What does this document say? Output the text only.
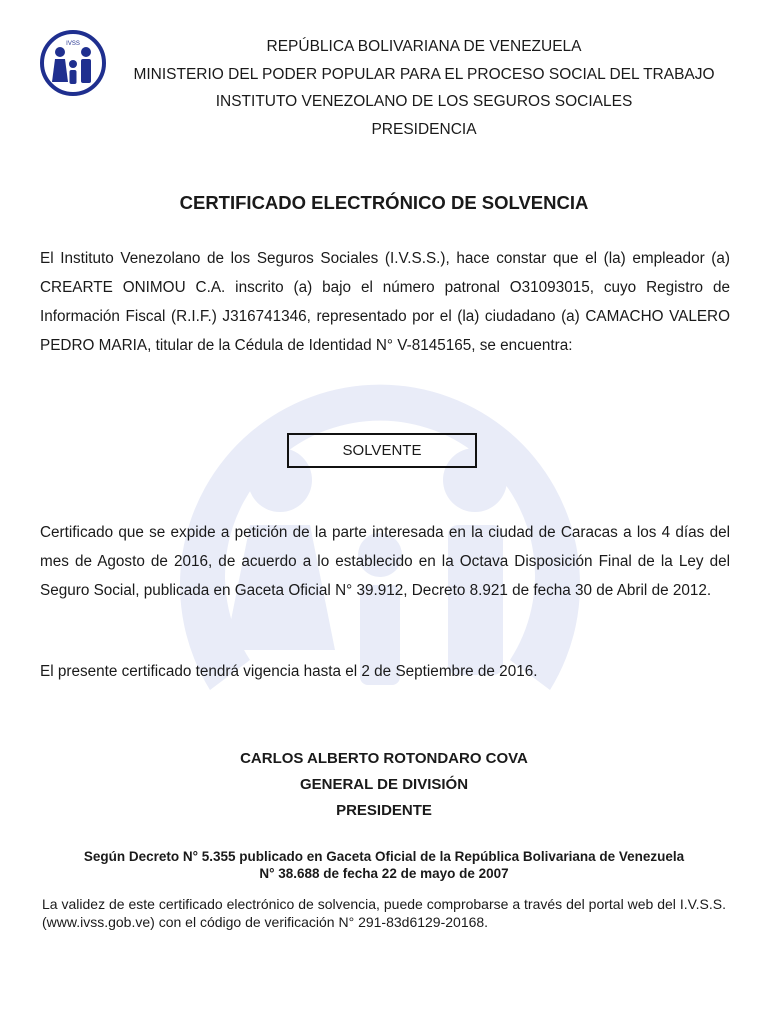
IVSS	REPÚBLICA BOLIVARIANA DE VENEZUELA
MINISTERIO DEL PODER POPULAR PARA EL PROCESO SOCIAL DEL TRABAJO
INSTITUTO VENEZOLANO DE LOS SEGUROS SOCIALES
PRESIDENCIA
CERTIFICADO ELECTRÓNICO DE SOLVENCIA

El Instituto Venezolano de los Seguros Sociales (I.V.S.S.), hace constar que el (la) empleador (a) CREARTE ONIMOU C.A. inscrito (a) bajo el número patronal O31093015, cuyo Registro de Información Fiscal (R.I.F.) J316741346, representado por el (la) ciudadano (a) CAMACHO VALERO PEDRO MARIA, titular de la Cédula de Identidad N° V-8145165, se encuentra:

SOLVENTE

Certificado que se expide a petición de la parte interesada en la ciudad de Caracas a los 4 días del mes de Agosto de 2016, de acuerdo a lo establecido en la Octava Disposición Final de la Ley del Seguro Social, publicada en Gaceta Oficial N° 39.912, Decreto 8.921 de fecha 30 de Abril de 2012.

El presente certificado tendrá vigencia hasta el 2 de Septiembre de 2016.

CARLOS ALBERTO ROTONDARO COVA
GENERAL DE DIVISIÓN
PRESIDENTE
Según Decreto N° 5.355 publicado en Gaceta Oficial de la República Bolivariana de Venezuela
N° 38.688 de fecha 22 de mayo de 2007
La validez de este certificado electrónico de solvencia, puede comprobarse a través del portal web del I.V.S.S. (www.ivss.gob.ve) con el código de verificación N° 291-83d6129-20168.
